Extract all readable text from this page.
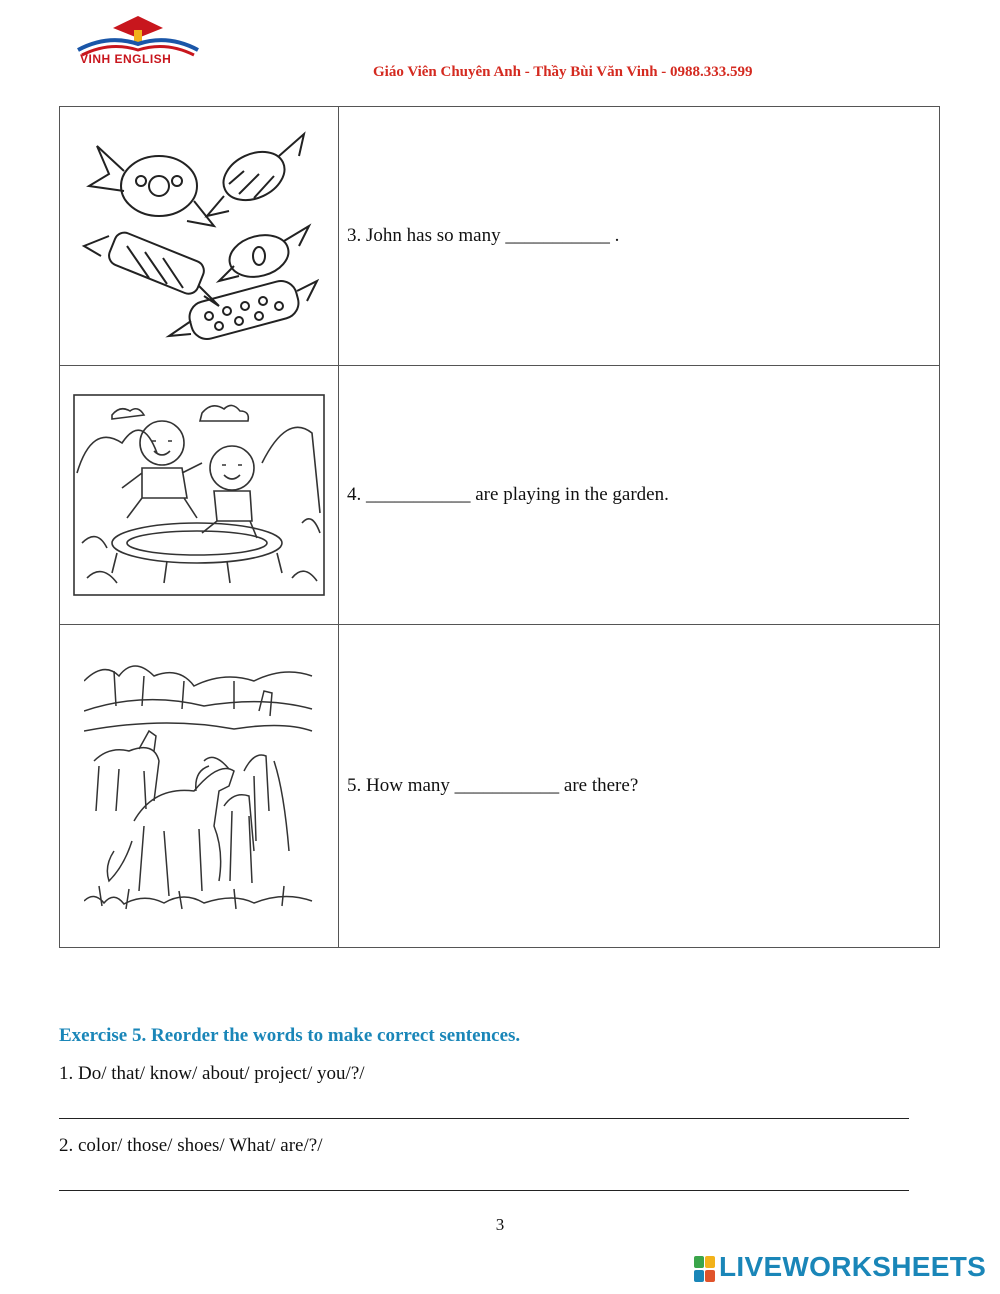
VINH ENGLISH
Giáo Viên Chuyên Anh - Thầy Bùi Văn Vinh - 0988.333.599
	3. John has so many ___________ .

	4. ___________ are playing in the garden.

	5. How many ___________ are there?
Exercise 5. Reorder the words to make correct sentences.
1. Do/ that/ know/ about/ project/ you/?/
2. color/ those/ shoes/ What/ are/?/
3
LIVEWORKSHEETS
